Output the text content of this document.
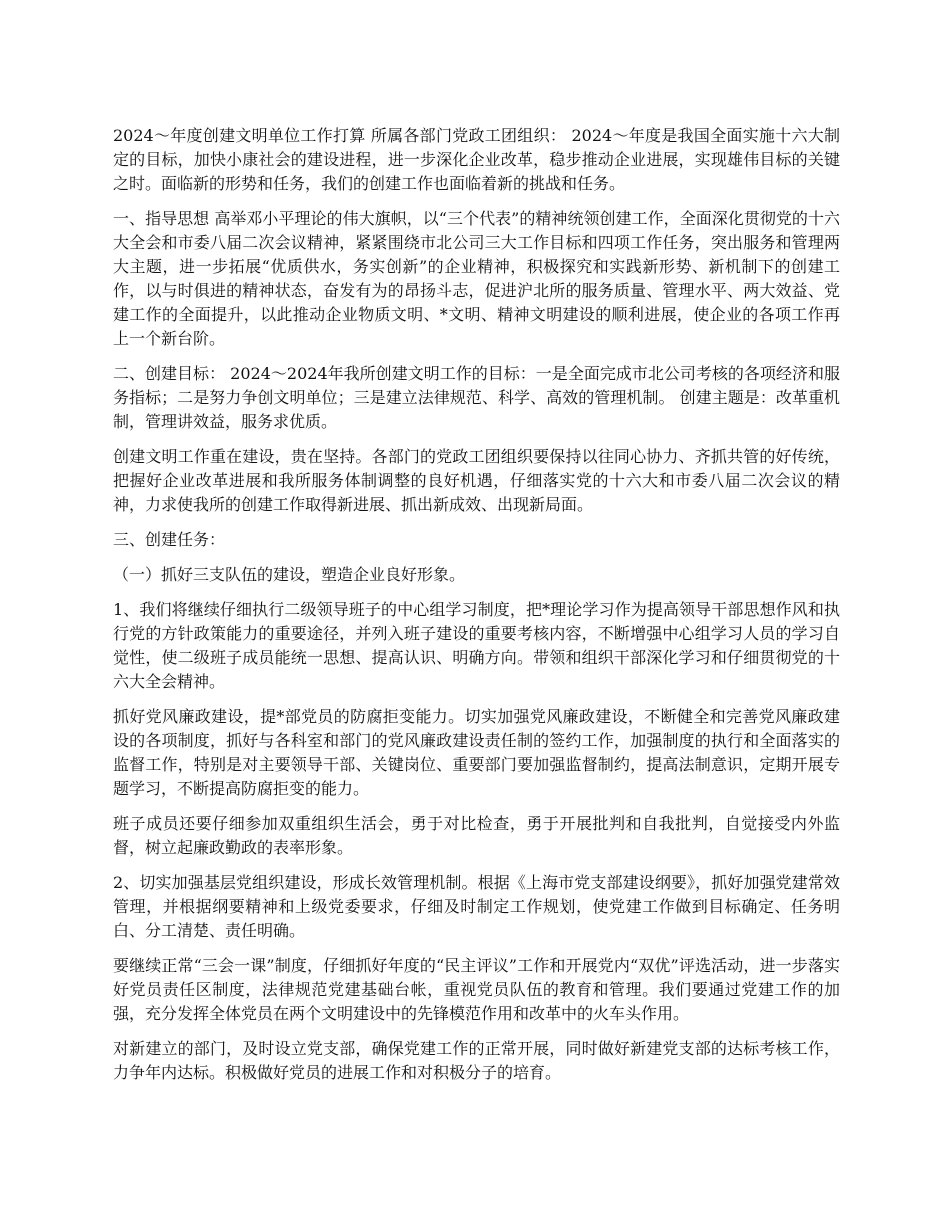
2024～年度创建文明单位工作打算 所属各部门党政工团组织： 2024～年度是我国全面实施十六大制定的目标，加快小康社会的建设进程，进一步深化企业改革，稳步推动企业进展，实现雄伟目标的关键之时。面临新的形势和任务，我们的创建工作也面临着新的挑战和任务。

一、指导思想 高举邓小平理论的伟大旗帜，以“三个代表”的精神统领创建工作，全面深化贯彻党的十六大全会和市委八届二次会议精神，紧紧围绕市北公司三大工作目标和四项工作任务，突出服务和管理两大主题，进一步拓展“优质供水，务实创新”的企业精神，积极探究和实践新形势、新机制下的创建工作，以与时俱进的精神状态，奋发有为的昂扬斗志，促进沪北所的服务质量、管理水平、两大效益、党建工作的全面提升，以此推动企业物质文明、*文明、精神文明建设的顺利进展，使企业的各项工作再上一个新台阶。

二、创建目标： 2024～2024年我所创建文明工作的目标：一是全面完成市北公司考核的各项经济和服务指标；二是努力争创文明单位；三是建立法律规范、科学、高效的管理机制。 创建主题是：改革重机制，管理讲效益，服务求优质。

创建文明工作重在建设，贵在坚持。各部门的党政工团组织要保持以往同心协力、齐抓共管的好传统，把握好企业改革进展和我所服务体制调整的良好机遇，仔细落实党的十六大和市委八届二次会议的精神，力求使我所的创建工作取得新进展、抓出新成效、出现新局面。

三、创建任务：

（一）抓好三支队伍的建设，塑造企业良好形象。

1、我们将继续仔细执行二级领导班子的中心组学习制度，把*理论学习作为提高领导干部思想作风和执行党的方针政策能力的重要途径，并列入班子建设的重要考核内容，不断增强中心组学习人员的学习自觉性，使二级班子成员能统一思想、提高认识、明确方向。带领和组织干部深化学习和仔细贯彻党的十六大全会精神。

抓好党风廉政建设，提*部党员的防腐拒变能力。切实加强党风廉政建设，不断健全和完善党风廉政建设的各项制度，抓好与各科室和部门的党风廉政建设责任制的签约工作，加强制度的执行和全面落实的监督工作，特别是对主要领导干部、关键岗位、重要部门要加强监督制约，提高法制意识，定期开展专题学习，不断提高防腐拒变的能力。

班子成员还要仔细参加双重组织生活会，勇于对比检查，勇于开展批判和自我批判，自觉接受内外监督，树立起廉政勤政的表率形象。

2、切实加强基层党组织建设，形成长效管理机制。根据《上海市党支部建设纲要》，抓好加强党建常效管理，并根据纲要精神和上级党委要求，仔细及时制定工作规划，使党建工作做到目标确定、任务明白、分工清楚、责任明确。

要继续正常“三会一课”制度，仔细抓好年度的“民主评议”工作和开展党内“双优”评选活动，进一步落实好党员责任区制度，法律规范党建基础台帐，重视党员队伍的教育和管理。我们要通过党建工作的加强，充分发挥全体党员在两个文明建设中的先锋模范作用和改革中的火车头作用。

对新建立的部门，及时设立党支部，确保党建工作的正常开展，同时做好新建党支部的达标考核工作，力争年内达标。积极做好党员的进展工作和对积极分子的培育。
